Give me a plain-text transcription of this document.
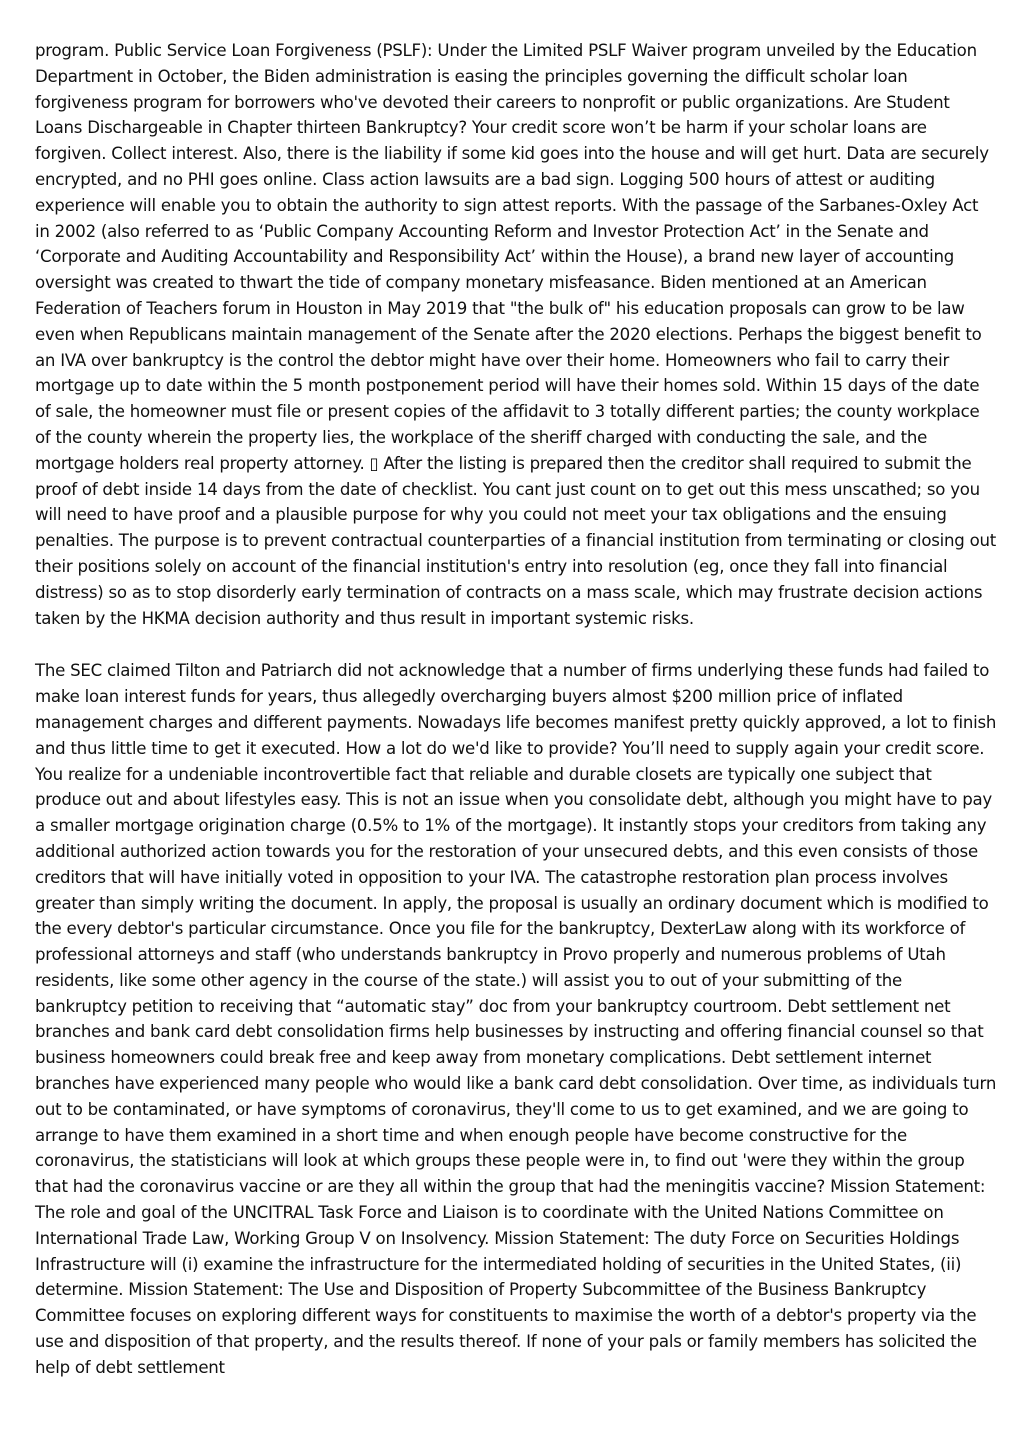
program. Public Service Loan Forgiveness (PSLF): Under the Limited PSLF Waiver program unveiled by the Education Department in October, the Biden administration is easing the principles governing the difficult scholar loan forgiveness program for borrowers who've devoted their careers to nonprofit or public organizations. Are Student Loans Dischargeable in Chapter thirteen Bankruptcy? Your credit score won’t be harm if your scholar loans are forgiven. Collect interest. Also, there is the liability if some kid goes into the house and will get hurt. Data are securely encrypted, and no PHI goes online. Class action lawsuits are a bad sign. Logging 500 hours of attest or auditing experience will enable you to obtain the authority to sign attest reports. With the passage of the Sarbanes-Oxley Act in 2002 (also referred to as ‘Public Company Accounting Reform and Investor Protection Act’ in the Senate and ‘Corporate and Auditing Accountability and Responsibility Act’ within the House), a brand new layer of accounting oversight was created to thwart the tide of company monetary misfeasance. Biden mentioned at an American Federation of Teachers forum in Houston in May 2019 that "the bulk of" his education proposals can grow to be law even when Republicans maintain management of the Senate after the 2020 elections. Perhaps the biggest benefit to an IVA over bankruptcy is the control the debtor might have over their home. Homeowners who fail to carry their mortgage up to date within the 5 month postponement period will have their homes sold. Within 15 days of the date of sale, the homeowner must file or present copies of the affidavit to 3 totally different parties; the county workplace of the county wherein the property lies, the workplace of the sheriff charged with conducting the sale, and the mortgage holders real property attorney. ▯ After the listing is prepared then the creditor shall required to submit the proof of debt inside 14 days from the date of checklist. You cant just count on to get out this mess unscathed; so you will need to have proof and a plausible purpose for why you could not meet your tax obligations and the ensuing penalties. The purpose is to prevent contractual counterparties of a financial institution from terminating or closing out their positions solely on account of the financial institution's entry into resolution (eg, once they fall into financial distress) so as to stop disorderly early termination of contracts on a mass scale, which may frustrate decision actions taken by the HKMA decision authority and thus result in important systemic risks.

The SEC claimed Tilton and Patriarch did not acknowledge that a number of firms underlying these funds had failed to make loan interest funds for years, thus allegedly overcharging buyers almost $200 million price of inflated management charges and different payments. Nowadays life becomes manifest pretty quickly approved, a lot to finish and thus little time to get it executed. How a lot do we'd like to provide? You’ll need to supply again your credit score. You realize for a undeniable incontrovertible fact that reliable and durable closets are typically one subject that produce out and about lifestyles easy. This is not an issue when you consolidate debt, although you might have to pay a smaller mortgage origination charge (0.5% to 1% of the mortgage). It instantly stops your creditors from taking any additional authorized action towards you for the restoration of your unsecured debts, and this even consists of those creditors that will have initially voted in opposition to your IVA. The catastrophe restoration plan process involves greater than simply writing the document. In apply, the proposal is usually an ordinary document which is modified to the every debtor's particular circumstance. Once you file for the bankruptcy, DexterLaw along with its workforce of professional attorneys and staff (who understands bankruptcy in Provo properly and numerous problems of Utah residents, like some other agency in the course of the state.) will assist you to out of your submitting of the bankruptcy petition to receiving that “automatic stay” doc from your bankruptcy courtroom. Debt settlement net branches and bank card debt consolidation firms help businesses by instructing and offering financial counsel so that business homeowners could break free and keep away from monetary complications. Debt settlement internet branches have experienced many people who would like a bank card debt consolidation. Over time, as individuals turn out to be contaminated, or have symptoms of coronavirus, they'll come to us to get examined, and we are going to arrange to have them examined in a short time and when enough people have become constructive for the coronavirus, the statisticians will look at which groups these people were in, to find out 'were they within the group that had the coronavirus vaccine or are they all within the group that had the meningitis vaccine? Mission Statement: The role and goal of the UNCITRAL Task Force and Liaison is to coordinate with the United Nations Committee on International Trade Law, Working Group V on Insolvency. Mission Statement: The duty Force on Securities Holdings Infrastructure will (i) examine the infrastructure for the intermediated holding of securities in the United States, (ii) determine. Mission Statement: The Use and Disposition of Property Subcommittee of the Business Bankruptcy Committee focuses on exploring different ways for constituents to maximise the worth of a debtor's property via the use and disposition of that property, and the results thereof. If none of your pals or family members has solicited the help of debt settlement
